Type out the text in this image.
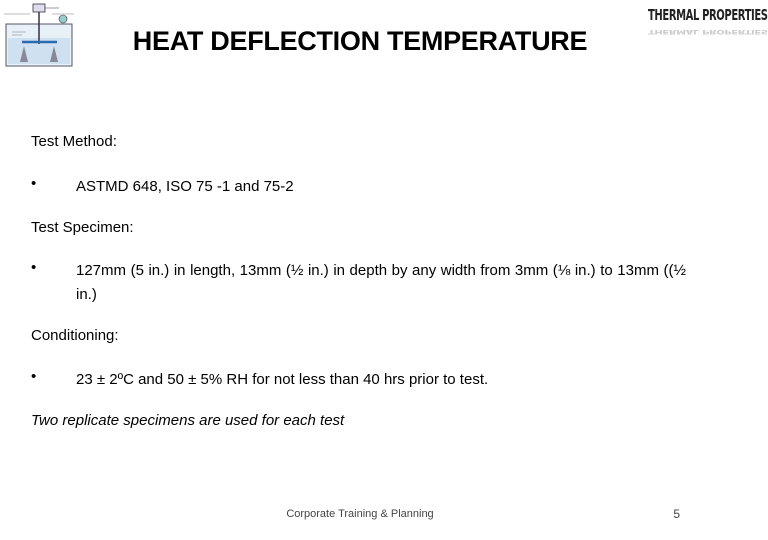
HEAT DEFLECTION TEMPERATURE
THERMAL PROPERTIES
THERMAL PROPERTIES
Test Method:
•	ASTMD 648, ISO 75 -1 and 75-2
Test Specimen:
•	127mm (5 in.) in length, 13mm (½ in.) in depth by any width from 3mm (⅛ in.) to 13mm ((½ in.)
Conditioning:
•	23 ± 2ºC and 50 ± 5% RH for not less than 40 hrs prior to test.
Two replicate specimens are used for each test
Corporate Training & Planning	5
